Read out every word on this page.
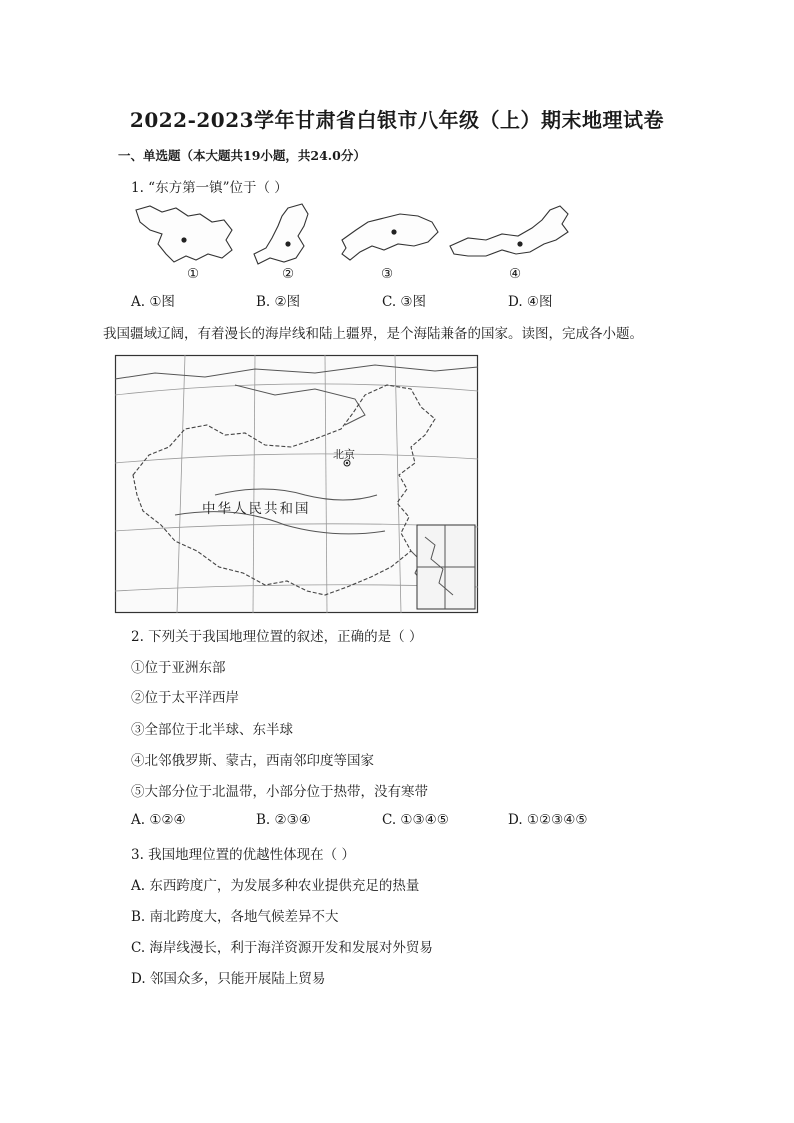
2022-2023学年甘肃省白银市八年级（上）期末地理试卷
一、单选题（本大题共19小题，共24.0分）
1. “东方第一镇”位于（ ）
①	②	③	④
A. ①图	B. ②图	C. ③图	D. ④图
我国疆域辽阔，有着漫长的海岸线和陆上疆界，是个海陆兼备的国家。读图，完成各小题。
北京
中华人民共和国
2. 下列关于我国地理位置的叙述，正确的是（ ）
①位于亚洲东部
②位于太平洋西岸
③全部位于北半球、东半球
④北邻俄罗斯、蒙古，西南邻印度等国家
⑤大部分位于北温带，小部分位于热带，没有寒带
A. ①②④	B. ②③④	C. ①③④⑤	D. ①②③④⑤
3. 我国地理位置的优越性体现在（ ）
A. 东西跨度广，为发展多种农业提供充足的热量
B. 南北跨度大，各地气候差异不大
C. 海岸线漫长，利于海洋资源开发和发展对外贸易
D. 邻国众多，只能开展陆上贸易
